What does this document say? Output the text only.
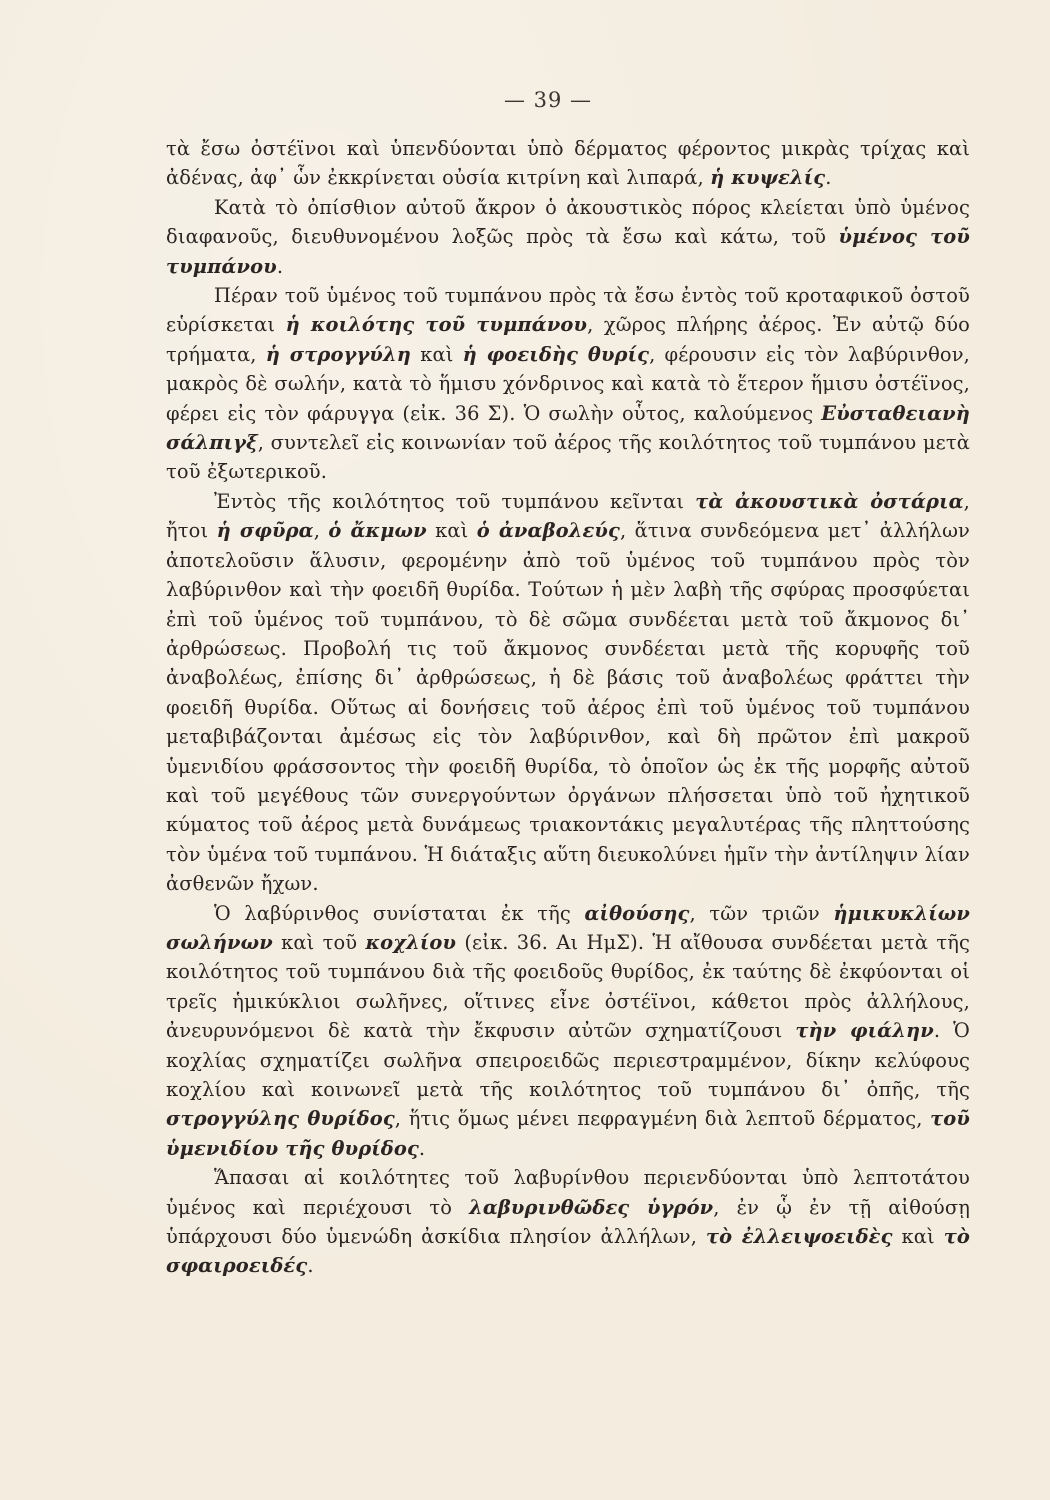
— 39 —

τὰ ἔσω ὀστέϊνοι καὶ ὑπενδύονται ὑπὸ δέρματος φέροντος μικρὰς τρίχας καὶ ἀδένας, ἀφ᾿ ὧν ἐκκρίνεται οὐσία κιτρίνη καὶ λιπαρά, ἡ κυψελίς.

Κατὰ τὸ ὀπίσθιον αὐτοῦ ἄκρον ὁ ἀκουστικὸς πόρος κλείεται ὑπὸ ὑμένος διαφανοῦς, διευθυνομένου λοξῶς πρὸς τὰ ἔσω καὶ κάτω, τοῦ ὑμένος τοῦ τυμπάνου.

Πέραν τοῦ ὑμένος τοῦ τυμπάνου πρὸς τὰ ἔσω ἐντὸς τοῦ κροταφικοῦ ὀστοῦ εὑρίσκεται ἡ κοιλότης τοῦ τυμπάνου, χῶρος πλήρης ἀέρος. Ἐν αὐτῷ δύο τρήματα, ἡ στρογγύλη καὶ ἡ φοειδὴς θυρίς, φέρουσιν εἰς τὸν λαβύρινθον, μακρὸς δὲ σωλήν, κατὰ τὸ ἥμισυ χόνδρινος καὶ κατὰ τὸ ἕτερον ἥμισυ ὀστέϊνος, φέρει εἰς τὸν φάρυγγα (εἰκ. 36 Σ). Ὁ σωλὴν οὗτος, καλούμενος Εὐσταθειανὴ σάλπιγξ, συντελεῖ εἰς κοινωνίαν τοῦ ἀέρος τῆς κοιλότητος τοῦ τυμπάνου μετὰ τοῦ ἐξωτερικοῦ.

Ἐντὸς τῆς κοιλότητος τοῦ τυμπάνου κεῖνται τὰ ἀκουστικὰ ὀστάρια, ἤτοι ἡ σφῦρα, ὁ ἄκμων καὶ ὁ ἀναβολεύς, ἅτινα συνδεόμενα μετ᾿ ἀλλήλων ἀποτελοῦσιν ἅλυσιν, φερομένην ἀπὸ τοῦ ὑμένος τοῦ τυμπάνου πρὸς τὸν λαβύρινθον καὶ τὴν φοειδῆ θυρίδα. Τούτων ἡ μὲν λαβὴ τῆς σφύρας προσφύεται ἐπὶ τοῦ ὑμένος τοῦ τυμπάνου, τὸ δὲ σῶμα συνδέεται μετὰ τοῦ ἄκμονος δι᾿ ἀρθρώσεως. Προβολή τις τοῦ ἄκμονος συνδέεται μετὰ τῆς κορυφῆς τοῦ ἀναβολέως, ἐπίσης δι᾿ ἀρθρώσεως, ἡ δὲ βάσις τοῦ ἀναβολέως φράττει τὴν φοειδῆ θυρίδα. Οὕτως αἱ δονήσεις τοῦ ἀέρος ἐπὶ τοῦ ὑμένος τοῦ τυμπάνου μεταβιβάζονται ἀμέσως εἰς τὸν λαβύρινθον, καὶ δὴ πρῶτον ἐπὶ μακροῦ ὑμενιδίου φράσσοντος τὴν φοειδῆ θυρίδα, τὸ ὁποῖον ὡς ἐκ τῆς μορφῆς αὐτοῦ καὶ τοῦ μεγέθους τῶν συνεργούντων ὀργάνων πλήσσεται ὑπὸ τοῦ ἠχητικοῦ κύματος τοῦ ἀέρος μετὰ δυνάμεως τριακοντάκις μεγαλυτέρας τῆς πληττούσης τὸν ὑμένα τοῦ τυμπάνου. Ἡ διάταξις αὕτη διευκολύνει ἡμῖν τὴν ἀντίληψιν λίαν ἀσθενῶν ἤχων.

Ὁ λαβύρινθος συνίσταται ἐκ τῆς αἰθούσης, τῶν τριῶν ἡμικυκλίων σωλήνων καὶ τοῦ κοχλίου (εἰκ. 36. Αι ΗμΣ). Ἡ αἴθουσα συνδέεται μετὰ τῆς κοιλότητος τοῦ τυμπάνου διὰ τῆς φοειδοῦς θυρίδος, ἐκ ταύτης δὲ ἐκφύονται οἱ τρεῖς ἡμικύκλιοι σωλῆνες, οἵτινες εἶνε ὀστέϊνοι, κάθετοι πρὸς ἀλλήλους, ἀνευρυνόμενοι δὲ κατὰ τὴν ἔκφυσιν αὐτῶν σχηματίζουσι τὴν φιάλην. Ὁ κοχλίας σχηματίζει σωλῆνα σπειροειδῶς περιεστραμμένον, δίκην κελύφους κοχλίου καὶ κοινωνεῖ μετὰ τῆς κοιλότητος τοῦ τυμπάνου δι᾿ ὀπῆς, τῆς στρογγύλης θυρίδος, ἥτις ὅμως μένει πεφραγμένη διὰ λεπτοῦ δέρματος, τοῦ ὑμενιδίου τῆς θυρίδος.

Ἅπασαι αἱ κοιλότητες τοῦ λαβυρίνθου περιενδύονται ὑπὸ λεπτοτάτου ὑμένος καὶ περιέχουσι τὸ λαβυρινθῶδες ὑγρόν, ἐν ᾧ ἐν τῇ αἰθούσῃ ὑπάρχουσι δύο ὑμενώδη ἀσκίδια πλησίον ἀλλήλων, τὸ ἐλλειψοειδὲς καὶ τὸ σφαιροειδές.
